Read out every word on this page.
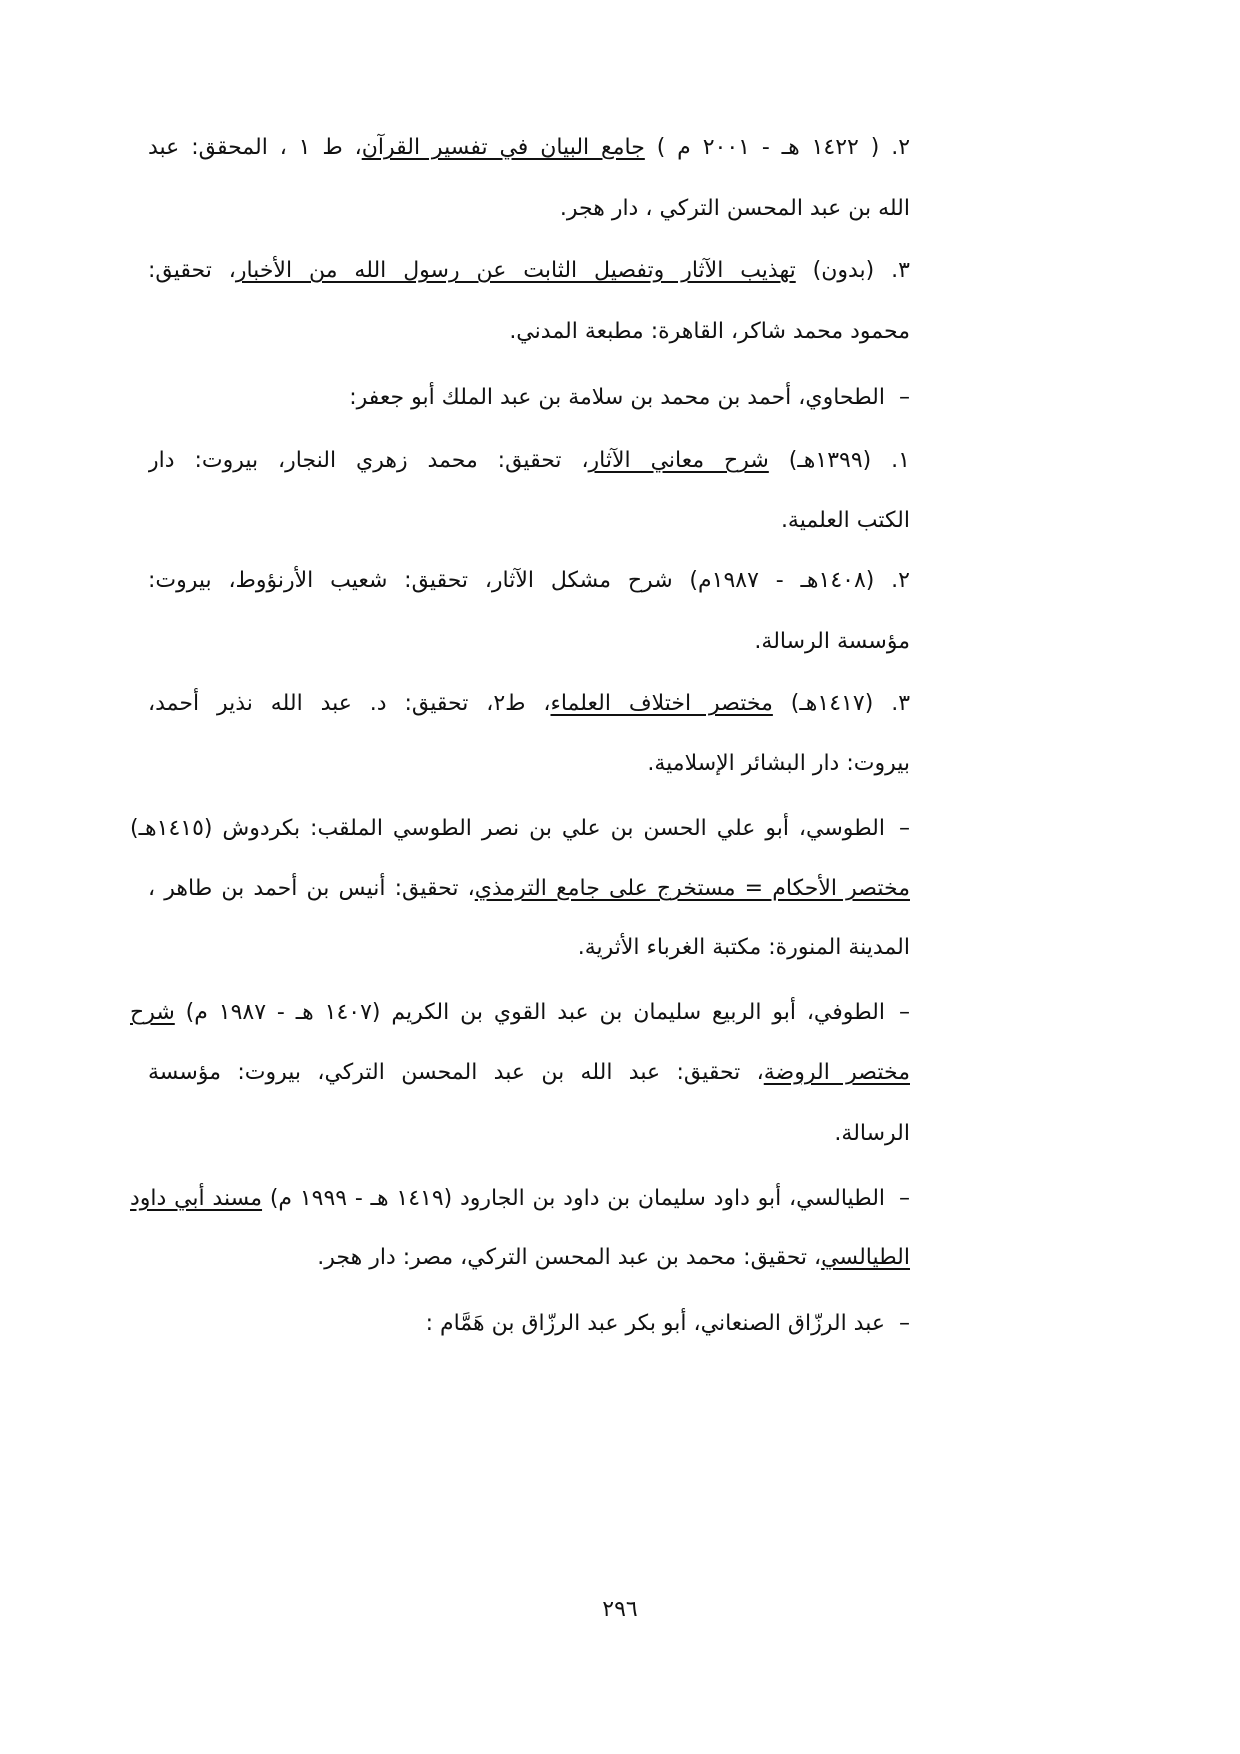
٢. ( ١٤٢٢ هـ - ٢٠٠١ م ) جامع البيان في تفسير القرآن، ط ١ ، المحقق: عبد
الله بن عبد المحسن التركي ، دار هجر.
٣. (بدون) تهذيب الآثار وتفصيل الثابت عن رسول الله من الأخبار، تحقيق:
محمود محمد شاكر، القاهرة: مطبعة المدني.
–الطحاوي، أحمد بن محمد بن سلامة بن عبد الملك أبو جعفر:
١. (١٣٩٩هـ) شرح معاني الآثار، تحقيق: محمد زهري النجار، بيروت: دار
الكتب العلمية.
٢. (١٤٠٨هـ - ١٩٨٧م) شرح مشكل الآثار، تحقيق: شعيب الأرنؤوط، بيروت:
مؤسسة الرسالة.
٣. (١٤١٧هـ) مختصر اختلاف العلماء، ط٢، تحقيق: د. عبد الله نذير أحمد،
بيروت: دار البشائر الإسلامية.
–الطوسي، أبو علي الحسن بن علي بن نصر الطوسي الملقب: بكردوش (١٤١٥هـ)
مختصر الأحكام = مستخرج على جامع الترمذي، تحقيق: أنيس بن أحمد بن طاهر ،
المدينة المنورة: مكتبة الغرباء الأثرية.
–الطوفي، أبو الربيع سليمان بن عبد القوي بن الكريم (١٤٠٧ هـ - ١٩٨٧ م) شرح
مختصر الروضة، تحقيق: عبد الله بن عبد المحسن التركي، بيروت: مؤسسة
الرسالة.
–الطيالسي، أبو داود سليمان بن داود بن الجارود (١٤١٩ هـ - ١٩٩٩ م) مسند أبي داود
الطيالسي، تحقيق: محمد بن عبد المحسن التركي، مصر: دار هجر.
–عبد الرزّاق الصنعاني، أبو بكر عبد الرزّاق بن هَمَّام :
٢٩٦
